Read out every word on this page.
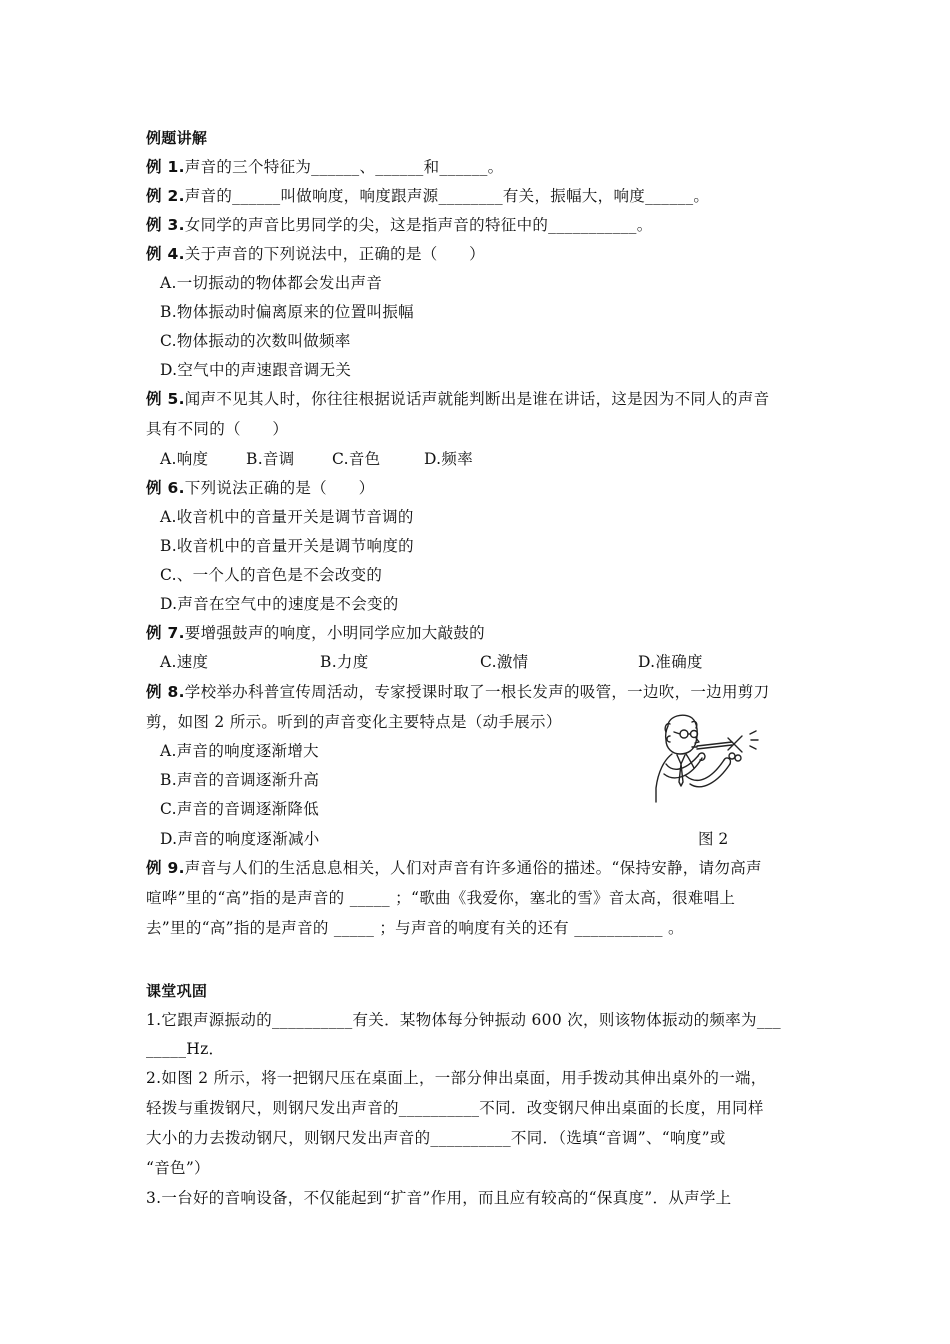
例题讲解
例 1.声音的三个特征为______、______和______。
例 2.声音的______叫做响度，响度跟声源________有关，振幅大，响度______。
例 3.女同学的声音比男同学的尖，这是指声音的特征中的___________。
例 4.关于声音的下列说法中，正确的是（　　）
A.一切振动的物体都会发出声音
B.物体振动时偏离原来的位置叫振幅
C.物体振动的次数叫做频率
D.空气中的声速跟音调无关
例 5.闻声不见其人时，你往往根据说话声就能判断出是谁在讲话，这是因为不同人的声音
具有不同的（　　）
A.响度 B.音调 C.音色	D.频率
例 6.下列说法正确的是（　　）
A.收音机中的音量开关是调节音调的
B.收音机中的音量开关是调节响度的
C.、一个人的音色是不会改变的
D.声音在空气中的速度是不会变的
例 7.要增强鼓声的响度，小明同学应加大敲鼓的
A.速度	B.力度	C.激情	D.准确度
例 8.学校举办科普宣传周活动，专家授课时取了一根长发声的吸管，一边吹，一边用剪刀
剪，如图 2 所示。听到的声音变化主要特点是（动手展示）
A.声音的响度逐渐增大
B.声音的音调逐渐升高
C.声音的音调逐渐降低
D.声音的响度逐渐减小	图 2
例 9.声音与人们的生活息息相关，人们对声音有许多通俗的描述。“保持安静，请勿高声
喧哗”里的“高”指的是声音的 _____ ；“歌曲《我爱你，塞北的雪》音太高，很难唱上
去”里的“高”指的是声音的 _____ ；与声音的响度有关的还有 ___________ 。
课堂巩固
1.它跟声源振动的__________有关．某物体每分钟振动 600 次，则该物体振动的频率为___
_____Hz．
2.如图 2 所示，将一把钢尺压在桌面上，一部分伸出桌面，用手拨动其伸出桌外的一端，
轻拨与重拨钢尺，则钢尺发出声音的__________不同．改变钢尺伸出桌面的长度，用同样
大小的力去拨动钢尺，则钢尺发出声音的__________不同．（选填“音调”、“响度”或
“音色”）
3.一台好的音响设备，不仅能起到“扩音”作用，而且应有较高的“保真度”．从声学上
